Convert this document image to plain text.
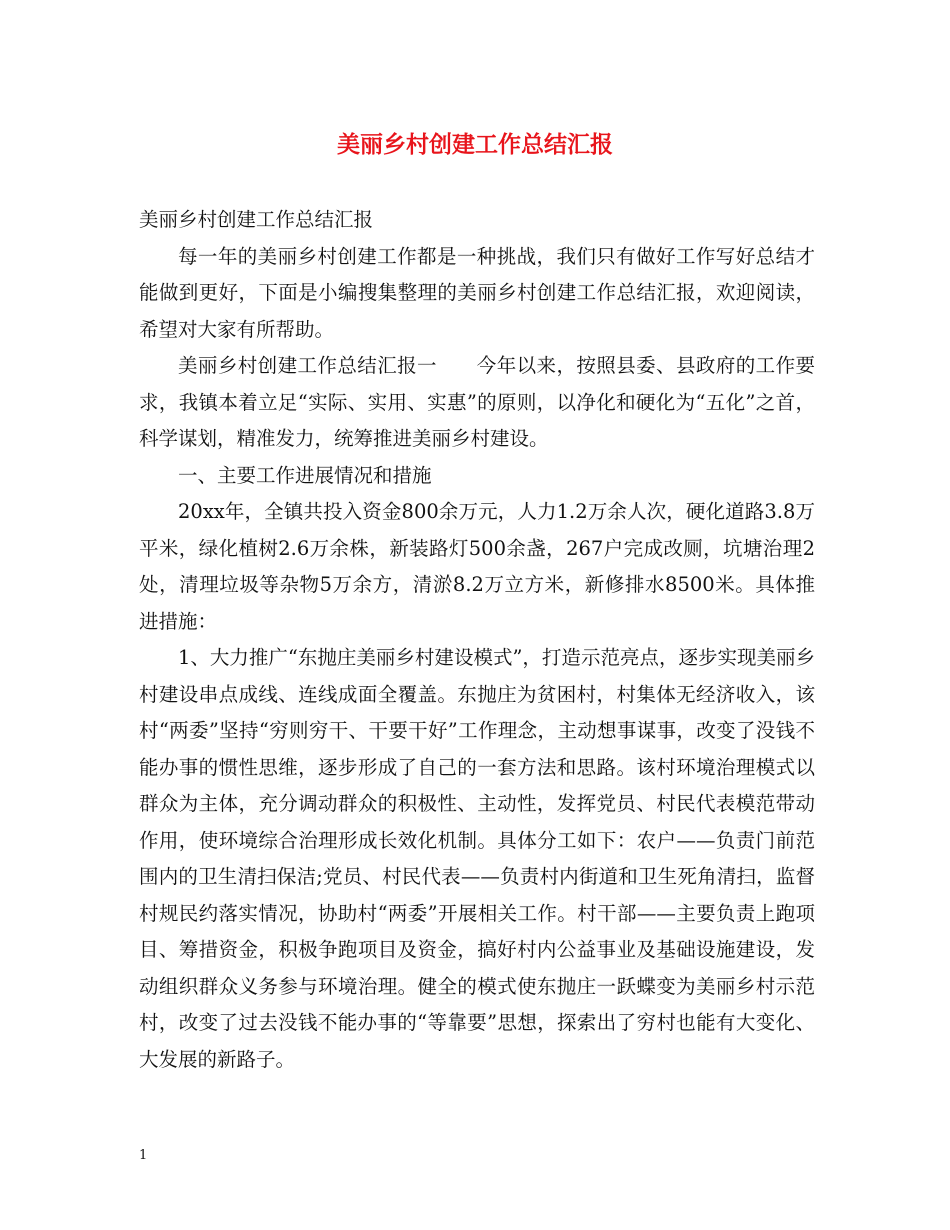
美丽乡村创建工作总结汇报

美丽乡村创建工作总结汇报

每一年的美丽乡村创建工作都是一种挑战，我们只有做好工作写好总结才能做到更好，下面是小编搜集整理的美丽乡村创建工作总结汇报，欢迎阅读，希望对大家有所帮助。

美丽乡村创建工作总结汇报一　　今年以来，按照县委、县政府的工作要求，我镇本着立足“实际、实用、实惠”的原则，以净化和硬化为“五化”之首，科学谋划，精准发力，统筹推进美丽乡村建设。

一、主要工作进展情况和措施

20xx年，全镇共投入资金800余万元，人力1.2万余人次，硬化道路3.8万平米，绿化植树2.6万余株，新装路灯500余盏，267户完成改厕，坑塘治理2处，清理垃圾等杂物5万余方，清淤8.2万立方米，新修排水8500米。具体推进措施：

1、大力推广“东抛庄美丽乡村建设模式”，打造示范亮点，逐步实现美丽乡村建设串点成线、连线成面全覆盖。东抛庄为贫困村，村集体无经济收入，该村“两委”坚持“穷则穷干、干要干好”工作理念，主动想事谋事，改变了没钱不能办事的惯性思维，逐步形成了自己的一套方法和思路。该村环境治理模式以群众为主体，充分调动群众的积极性、主动性，发挥党员、村民代表模范带动作用，使环境综合治理形成长效化机制。具体分工如下：农户——负责门前范围内的卫生清扫保洁;党员、村民代表——负责村内街道和卫生死角清扫，监督村规民约落实情况，协助村“两委”开展相关工作。村干部——主要负责上跑项目、筹措资金，积极争跑项目及资金，搞好村内公益事业及基础设施建设，发动组织群众义务参与环境治理。健全的模式使东抛庄一跃蝶变为美丽乡村示范村，改变了过去没钱不能办事的“等靠要”思想，探索出了穷村也能有大变化、大发展的新路子。

1
